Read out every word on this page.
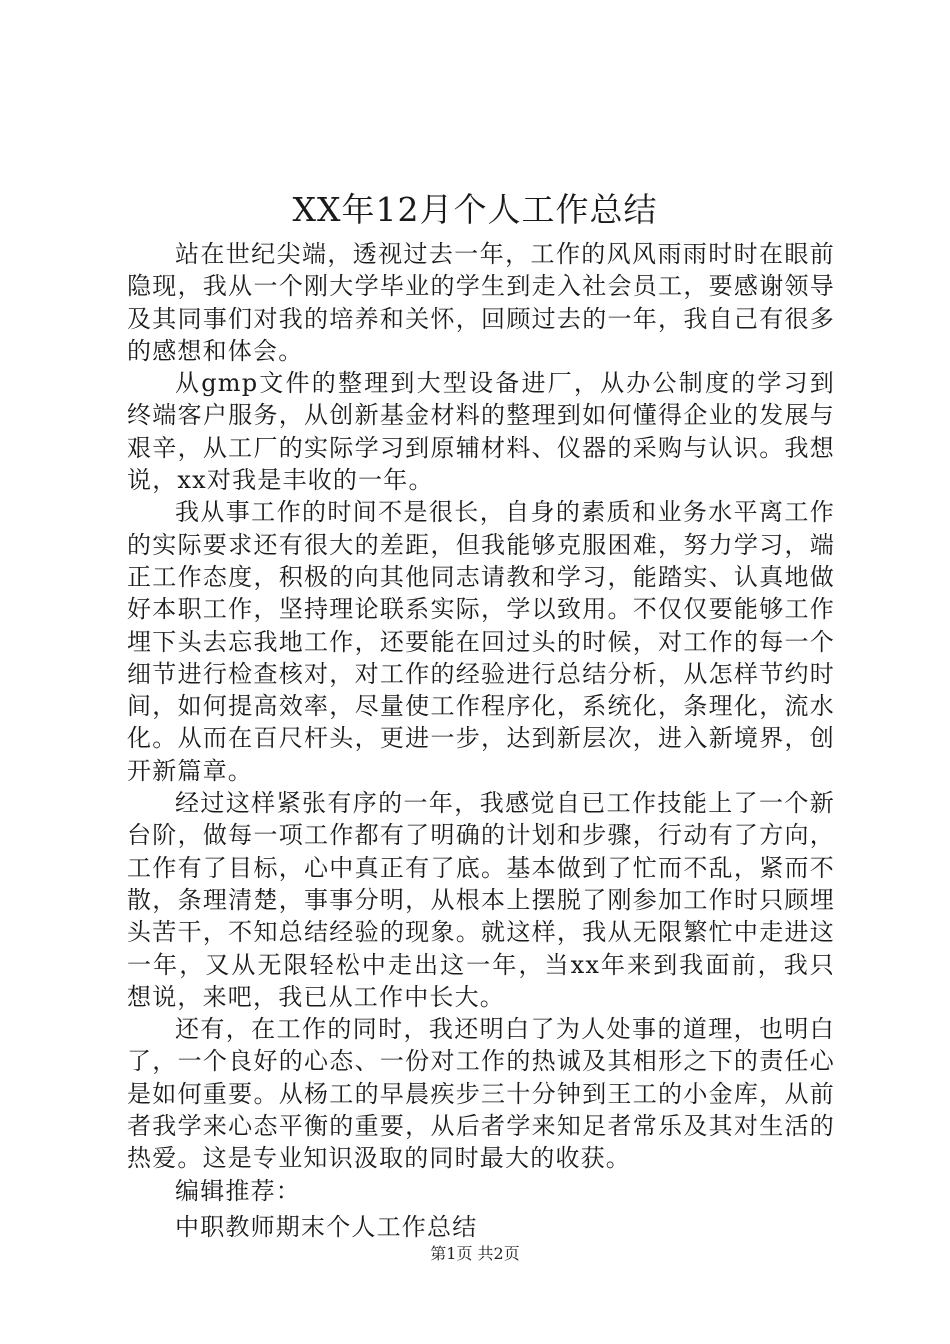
XX年12月个人工作总结

站在世纪尖端，透视过去一年，工作的风风雨雨时时在眼前隐现，我从一个刚大学毕业的学生到走入社会员工，要感谢领导及其同事们对我的培养和关怀，回顾过去的一年，我自己有很多的感想和体会。

从gmp文件的整理到大型设备进厂，从办公制度的学习到终端客户服务，从创新基金材料的整理到如何懂得企业的发展与艰辛，从工厂的实际学习到原辅材料、仪器的采购与认识。我想说，xx对我是丰收的一年。

我从事工作的时间不是很长，自身的素质和业务水平离工作的实际要求还有很大的差距，但我能够克服困难，努力学习，端正工作态度，积极的向其他同志请教和学习，能踏实、认真地做好本职工作，坚持理论联系实际，学以致用。不仅仅要能够工作埋下头去忘我地工作，还要能在回过头的时候，对工作的每一个细节进行检查核对，对工作的经验进行总结分析，从怎样节约时间，如何提高效率，尽量使工作程序化，系统化，条理化，流水化。从而在百尺杆头，更进一步，达到新层次，进入新境界，创开新篇章。

经过这样紧张有序的一年，我感觉自已工作技能上了一个新台阶，做每一项工作都有了明确的计划和步骤，行动有了方向，工作有了目标，心中真正有了底。基本做到了忙而不乱，紧而不散，条理清楚，事事分明，从根本上摆脱了刚参加工作时只顾埋头苦干，不知总结经验的现象。就这样，我从无限繁忙中走进这一年，又从无限轻松中走出这一年，当xx年来到我面前，我只想说，来吧，我已从工作中长大。

还有，在工作的同时，我还明白了为人处事的道理，也明白了，一个良好的心态、一份对工作的热诚及其相形之下的责任心是如何重要。从杨工的早晨疾步三十分钟到王工的小金库，从前者我学来心态平衡的重要，从后者学来知足者常乐及其对生活的热爱。这是专业知识汲取的同时最大的收获。

编辑推荐：

中职教师期末个人工作总结

第1页 共2页
